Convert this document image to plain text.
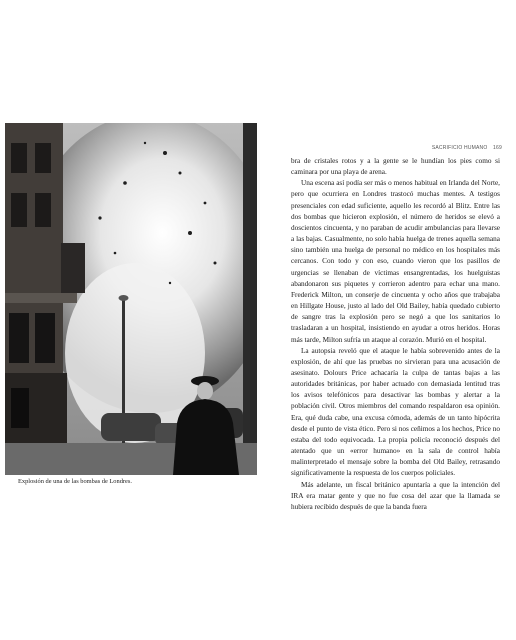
Explosión de una de las bombas de Londres.
SACRIFICIO HUMANO 169

bra de cristales rotos y a la gente se le hundían los pies como si caminara por una playa de arena.

Una escena así podía ser más o menos habitual en Irlanda del Norte, pero que ocurriera en Londres trastocó muchas mentes. A testigos presenciales con edad suficiente, aquello les recordó al Blitz. Entre las dos bombas que hicieron explosión, el número de heridos se elevó a doscientos cincuenta, y no paraban de acudir ambulancias para llevarse a las bajas. Casualmente, no solo había huelga de trenes aquella semana sino también una huelga de personal no médico en los hospitales más cercanos. Con todo y con eso, cuando vieron que los pasillos de urgencias se llenaban de víctimas ensangrentadas, los huelguistas abandonaron sus piquetes y corrieron adentro para echar una mano. Frederick Milton, un conserje de cincuenta y ocho años que trabajaba en Hillgate House, justo al lado del Old Bailey, había quedado cubierto de sangre tras la explosión pero se negó a que los sanitarios lo trasladaran a un hospital, insistiendo en ayudar a otros heridos. Horas más tarde, Milton sufría un ataque al corazón. Murió en el hospital.

La autopsia reveló que el ataque le había sobrevenido antes de la explosión, de ahí que las pruebas no sirvieran para una acusación de asesinato. Dolours Price achacaría la culpa de tantas bajas a las autoridades británicas, por haber actuado con demasiada lentitud tras los avisos telefónicos para desactivar las bombas y alertar a la población civil. Otros miembros del comando respaldaron esa opinión. Era, qué duda cabe, una excusa cómoda, además de un tanto hipócrita desde el punto de vista ético. Pero si nos ceñimos a los hechos, Price no estaba del todo equivocada. La propia policía reconoció después del atentado que un «error humano» en la sala de control había malinterpretado el mensaje sobre la bomba del Old Bailey, retrasando significativamente la respuesta de los cuerpos policiales.

Más adelante, un fiscal británico apuntaría a que la intención del IRA era matar gente y que no fue cosa del azar que la llamada se hubiera recibido después de que la banda fuera
